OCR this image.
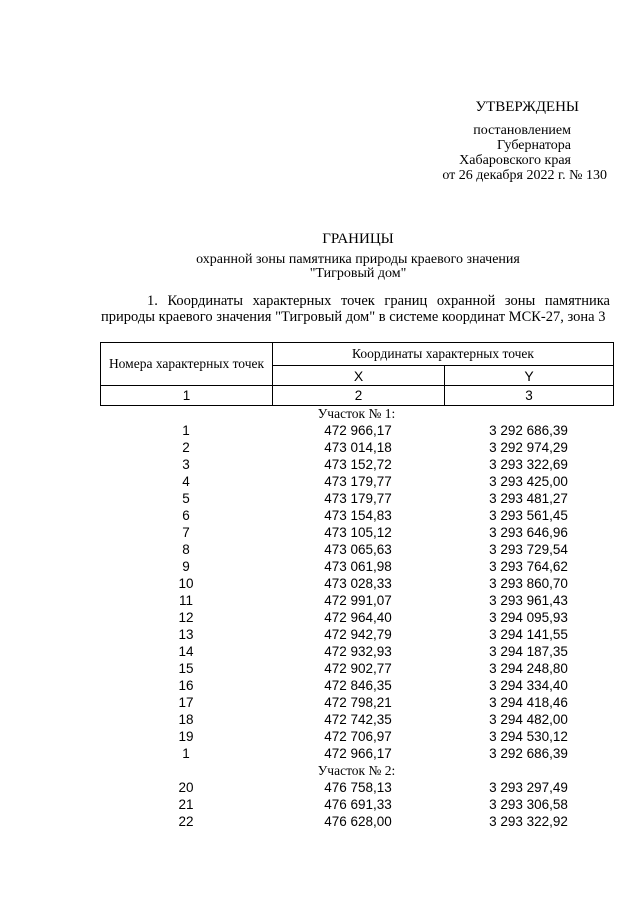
УТВЕРЖДЕНЫ
постановлением
Губернатора
Хабаровского края
от 26 декабря 2022 г. № 130
ГРАНИЦЫ
охранной зоны памятника природы краевого значения
"Тигровый дом"
1. Координаты характерных точек границ охранной зоны памятника природы краевого значения "Тигровый дом" в системе координат МСК-27, зона 3
Номера характерных точек	Координаты характерных точек	
	X	Y
1	2	3
Участок № 1:
1	472 966,17	3 292 686,39
2	473 014,18	3 292 974,29
3	473 152,72	3 293 322,69
4	473 179,77	3 293 425,00
5	473 179,77	3 293 481,27
6	473 154,83	3 293 561,45
7	473 105,12	3 293 646,96
8	473 065,63	3 293 729,54
9	473 061,98	3 293 764,62
10	473 028,33	3 293 860,70
11	472 991,07	3 293 961,43
12	472 964,40	3 294 095,93
13	472 942,79	3 294 141,55
14	472 932,93	3 294 187,35
15	472 902,77	3 294 248,80
16	472 846,35	3 294 334,40
17	472 798,21	3 294 418,46
18	472 742,35	3 294 482,00
19	472 706,97	3 294 530,12
1	472 966,17	3 292 686,39
Участок № 2:
20	476 758,13	3 293 297,49
21	476 691,33	3 293 306,58
22	476 628,00	3 293 322,92
